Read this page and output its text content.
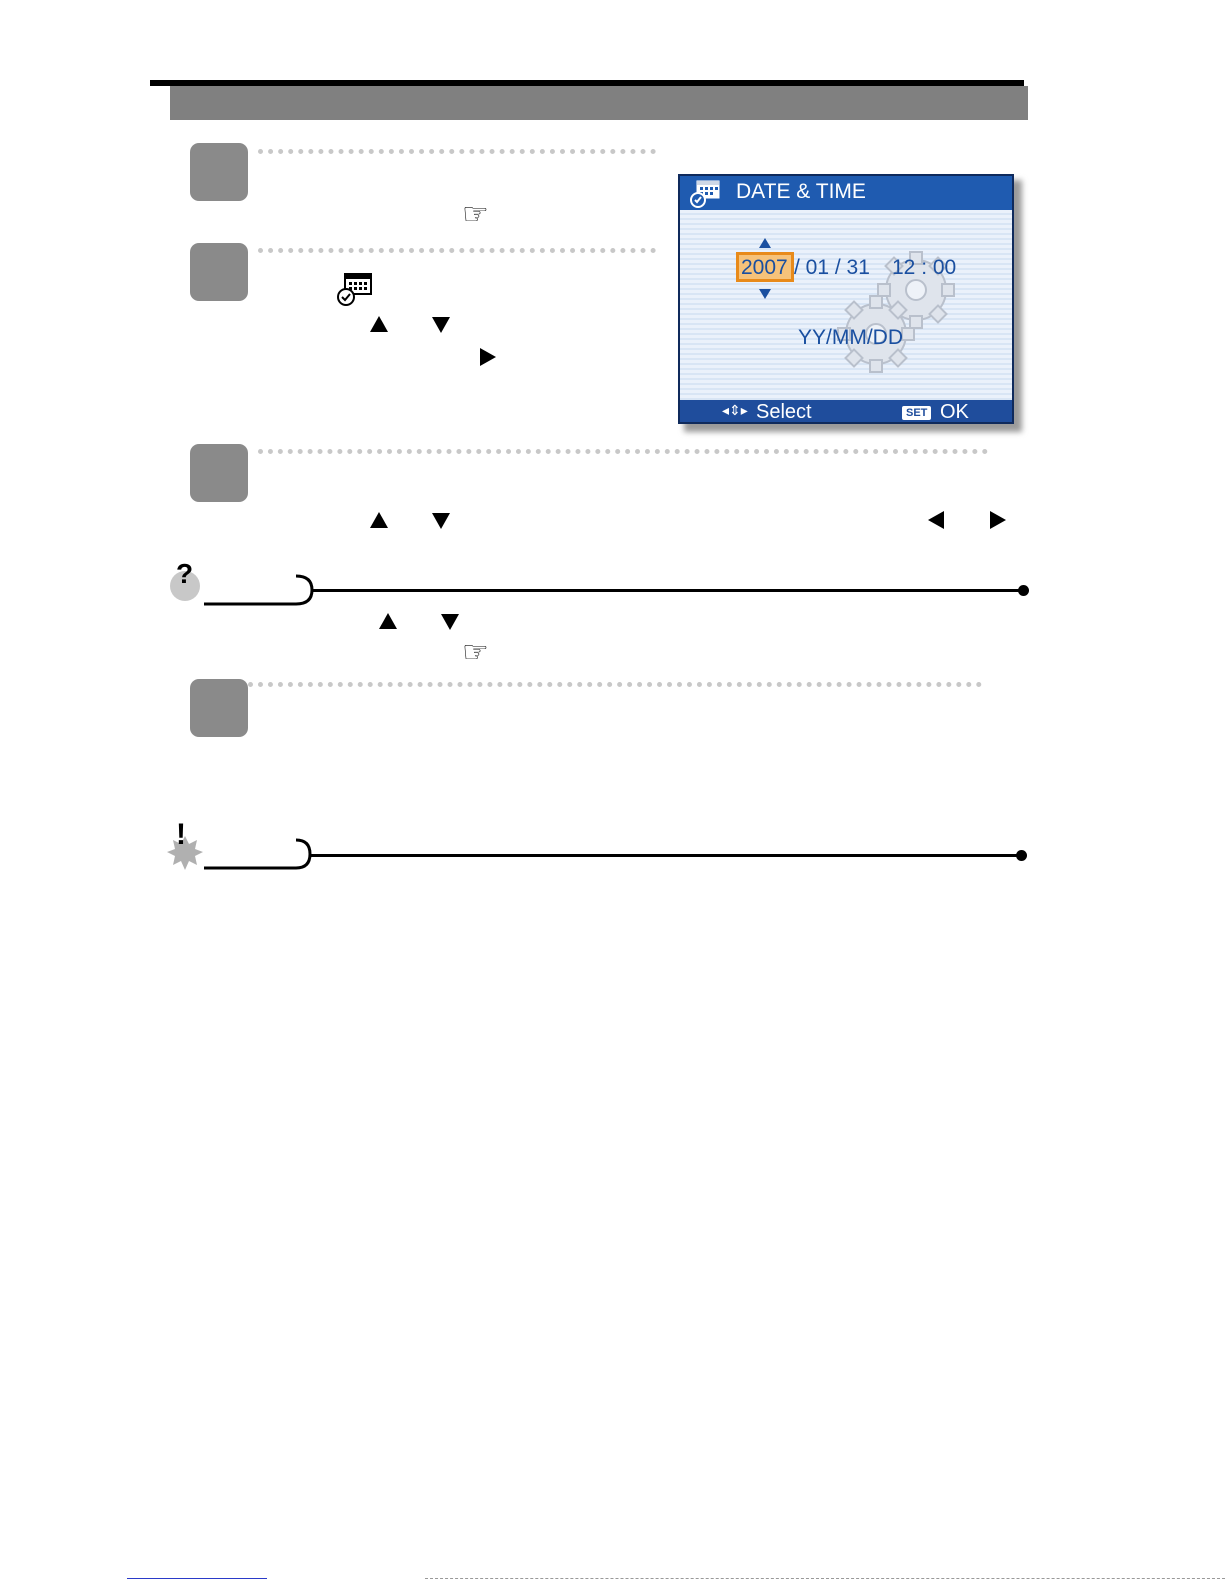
☞
DATE & TIME
2007 / 01 / 31 12 : 00
YY/MM/DD
◂⇕▸ Select	SET OK
?
☞
!
